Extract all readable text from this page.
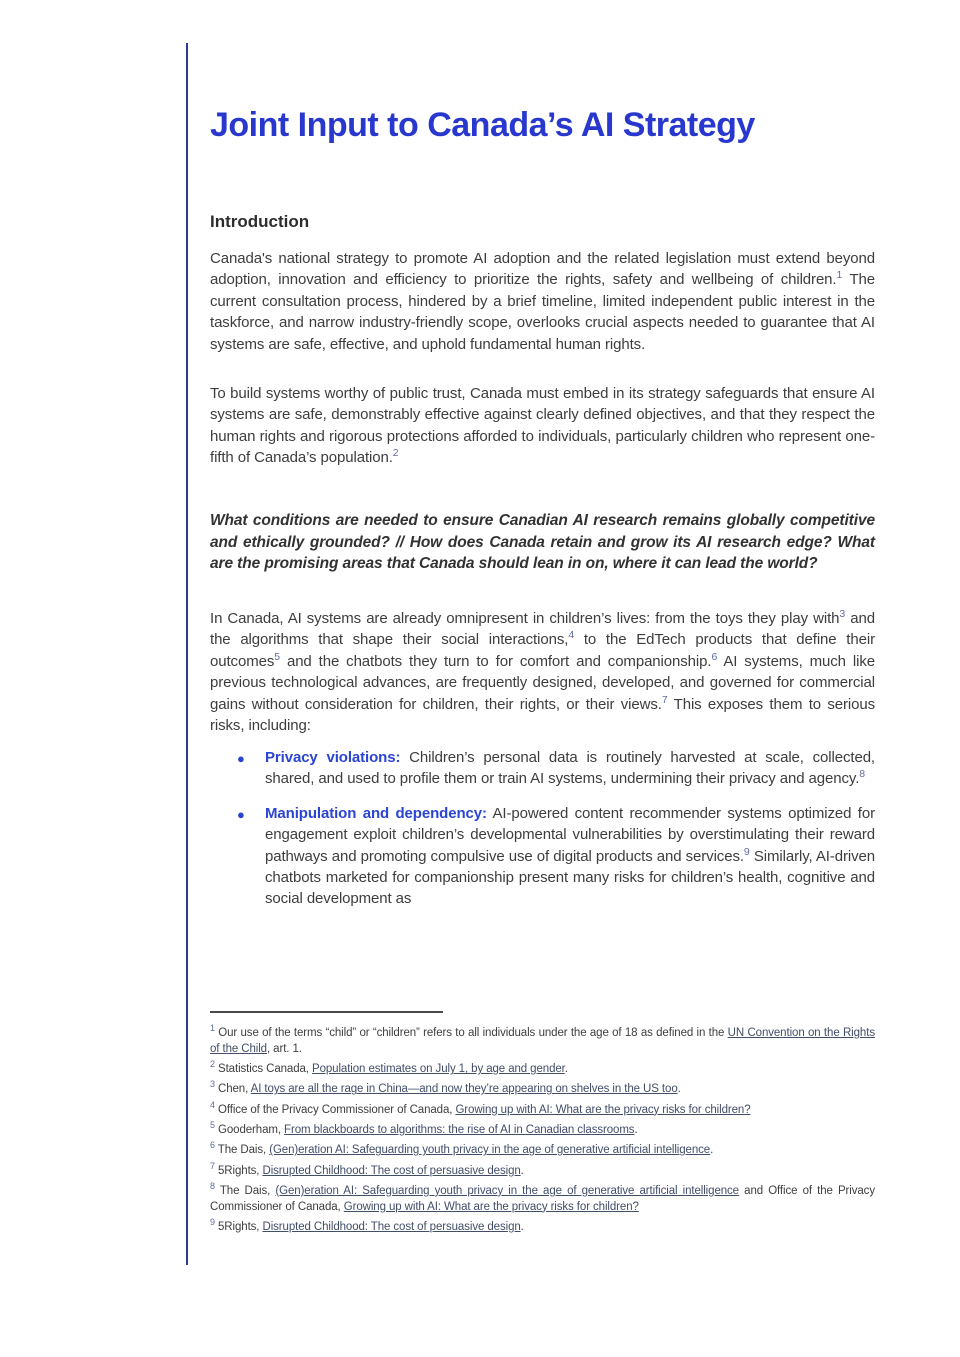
Joint Input to Canada’s AI Strategy
Introduction

Canada's national strategy to promote AI adoption and the related legislation must extend beyond adoption, innovation and efficiency to prioritize the rights, safety and wellbeing of children.$^1$ The current consultation process, hindered by a brief timeline, limited independent public interest in the taskforce, and narrow industry-friendly scope, overlooks crucial aspects needed to guarantee that AI systems are safe, effective, and uphold fundamental human rights.

To build systems worthy of public trust, Canada must embed in its strategy safeguards that ensure AI systems are safe, demonstrably effective against clearly defined objectives, and that they respect the human rights and rigorous protections afforded to individuals, particularly children who represent one-fifth of Canada’s population.$^2$

What conditions are needed to ensure Canadian AI research remains globally competitive and ethically grounded? // How does Canada retain and grow its AI research edge? What are the promising areas that Canada should lean in on, where it can lead the world?

In Canada, AI systems are already omnipresent in children’s lives: from the toys they play with$^3$ and the algorithms that shape their social interactions,$^4$ to the EdTech products that define their outcomes$^5$ and the chatbots they turn to for comfort and companionship.$^6$ AI systems, much like previous technological advances, are frequently designed, developed, and governed for commercial gains without consideration for children, their rights, or their views.$^7$ This exposes them to serious risks, including:

● Privacy violations: Children’s personal data is routinely harvested at scale, collected, shared, and used to profile them or train AI systems, undermining their privacy and agency.$^8$
● Manipulation and dependency: AI-powered content recommender systems optimized for engagement exploit children’s developmental vulnerabilities by overstimulating their reward pathways and promoting compulsive use of digital products and services.$^9$ Similarly, AI-driven chatbots marketed for companionship present many risks for children’s health, cognitive and social development as

$^1$ Our use of the terms “child” or “children” refers to all individuals under the age of 18 as defined in the UN Convention on the Rights of the Child, art. 1.

$^2$ Statistics Canada, Population estimates on July 1, by age and gender.

$^3$ Chen, AI toys are all the rage in China—and now they’re appearing on shelves in the US too.

$^4$ Office of the Privacy Commissioner of Canada, Growing up with AI: What are the privacy risks for children?

$^5$ Gooderham, From blackboards to algorithms: the rise of AI in Canadian classrooms.

$^6$ The Dais, (Gen)eration AI: Safeguarding youth privacy in the age of generative artificial intelligence.

$^7$ 5Rights, Disrupted Childhood: The cost of persuasive design.

$^8$ The Dais, (Gen)eration AI: Safeguarding youth privacy in the age of generative artificial intelligence and Office of the Privacy Commissioner of Canada, Growing up with AI: What are the privacy risks for children?

$^9$ 5Rights, Disrupted Childhood: The cost of persuasive design.
